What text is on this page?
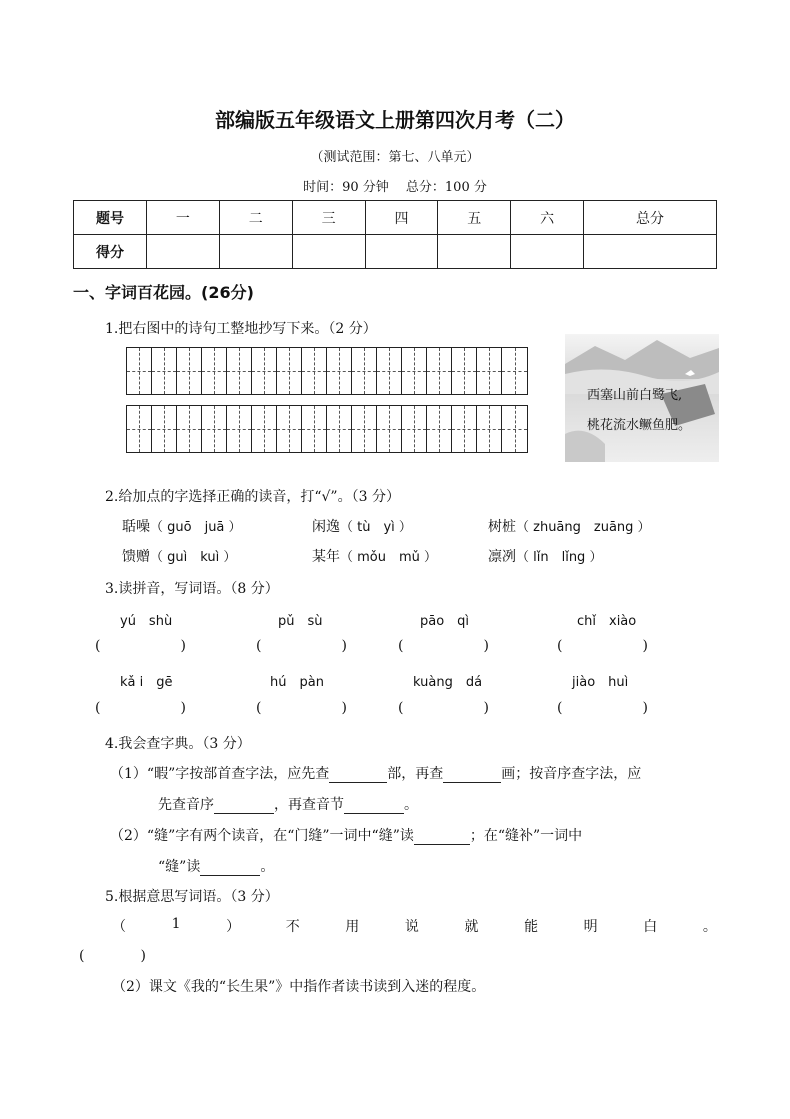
部编版五年级语文上册第四次月考（二）
（测试范围：第七、八单元）
时间：90 分钟　 总分：100 分
题号	一	二	三	四	五	六	总分
得分							
一、字词百花园。(26分)
1.把右图中的诗句工整地抄写下来。（2 分）
西塞山前白鹭飞,
桃花流水鳜鱼肥。
2.给加点的字选择正确的读音，打“√”。（3 分）
聒噪（ guō　juā ）	闲逸（ tù　yì ）	树桩（ zhuāng　zuāng ）
馈赠（ guì　kuì ）	某年（ mǒu　mǔ ）	凛冽（ lǐn　lǐng ）
3.读拼音，写词语。（8 分）
yú　shù	pǔ　sù	pāo　qì	chǐ　xiào
(	)	(	)	(	)	(	)
kǎ i　gē	hú　pàn	kuàng　dá	jiào　huì
(	)	(	)	(	)	(	)
4.我会查字典。（3 分）
（1）“暇”字按部首查字法，应先查	部，再查	画；按音序查字法，应
先查音序	，再查音节	。
（2）“缝”字有两个读音，在“门缝”一词中“缝”读	；在“缝补”一词中
“缝”读	。
5.根据意思写词语。（3 分）
（	1	）	不	用	说	就	能	明	白	。
(　　　　)
（2）课文《我的“长生果”》中指作者读书读到入迷的程度。
